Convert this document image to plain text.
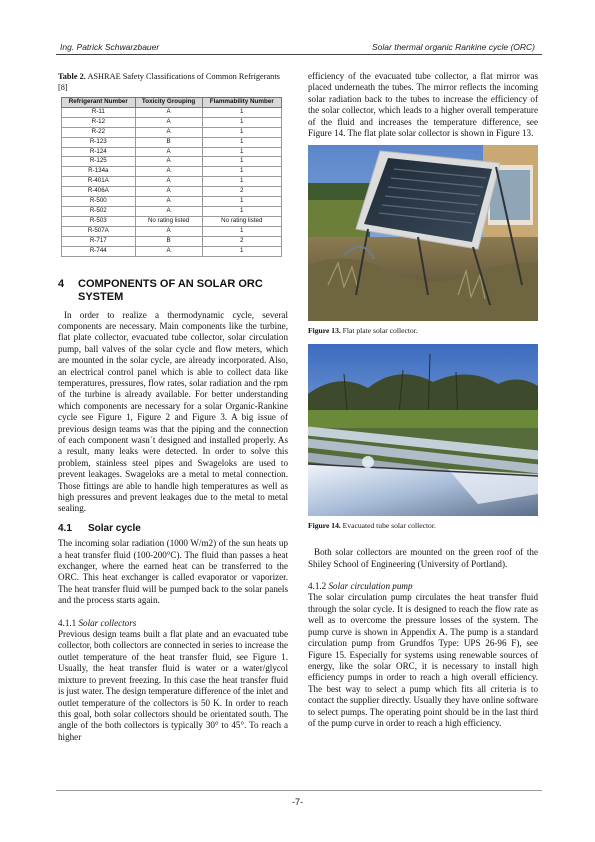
Ing. Patrick Schwarzbauer	Solar thermal organic Rankine cycle (ORC)

Table 2. ASHRAE Safety Classifications of Common Refrigerants [8]

Refrigerant Number	Toxicity Grouping	Flammability Number
R-11	A	1
R-12	A	1
R-22	A	1
R-123	B	1
R-124	A	1
R-125	A	1
R-134a	A	1
R-401A	A	1
R-406A	A	2
R-500	A	1
R-502	A	1
R-503	No rating listed	No rating listed
R-507A	A	1
R-717	B	2
R-744	A	1
4 COMPONENTS OF AN SOLAR ORC
SYSTEM

In order to realize a thermodynamic cycle, several components are necessary. Main components like the turbine, flat plate collector, evacuated tube collector, solar circulation pump, ball valves of the solar cycle and flow meters, which are mounted in the solar cycle, are already incorporated. Also, an electrical control panel which is able to collect data like temperatures, pressures, flow rates, solar radiation and the rpm of the turbine is already available. For better understanding which components are necessary for a solar Organic-Rankine cycle see Figure 1, Figure 2 and Figure 3. A big issue of previous design teams was that the piping and the connection of each component wasn´t designed and installed properly. As a result, many leaks were detected. In order to solve this problem, stainless steel pipes and Swageloks are used to prevent leakages. Swageloks are a metal to metal connection. Those fittings are able to handle high temperatures as well as high pressures and prevent leakages due to the metal to metal sealing.

4.1 Solar cycle

The incoming solar radiation (1000 W/m2) of the sun heats up a heat transfer fluid (100-200°C). The fluid than passes a heat exchanger, where the earned heat can be transferred to the ORC. This heat exchanger is called evaporator or vaporizer. The heat transfer fluid will be pumped back to the solar panels and the process starts again.

4.1.1 Solar collectors

Previous design teams built a flat plate and an evacuated tube collector, both collectors are connected in series to increase the outlet temperature of the heat transfer fluid, see Figure 1. Usually, the heat transfer fluid is water or a water/glycol mixture to prevent freezing. In this case the heat transfer fluid is just water. The design temperature difference of the inlet and outlet temperature of the collectors is 50 K. In order to reach this goal, both solar collectors should be orientated south. The angle of the both collectors is typically 30° to 45°. To reach a higher

efficiency of the evacuated tube collector, a flat mirror was placed underneath the tubes. The mirror reflects the incoming solar radiation back to the tubes to increase the efficiency of the solar collector, which leads to a higher overall temperature of the fluid and increases the temperature difference, see Figure 14. The flat plate solar collector is shown in Figure 13.

Figure 13. Flat plate solar collector.

Figure 14. Evacuated tube solar collector.

Both solar collectors are mounted on the green roof of the Shiley School of Engineering (University of Portland).

4.1.2 Solar circulation pump

The solar circulation pump circulates the heat transfer fluid through the solar cycle. It is designed to reach the flow rate as well as to overcome the pressure losses of the system. The pump curve is shown in Appendix A. The pump is a standard circulation pump from Grundfos Type: UPS 26-96 F), see Figure 15. Especially for systems using renewable sources of energy, like the solar ORC, it is necessary to install high efficiency pumps in order to reach a high overall efficiency. The best way to select a pump which fits all criteria is to contact the supplier directly. Usually they have online software to select pumps. The operating point should be in the last third of the pump curve in order to reach a high efficiency.

-7-
